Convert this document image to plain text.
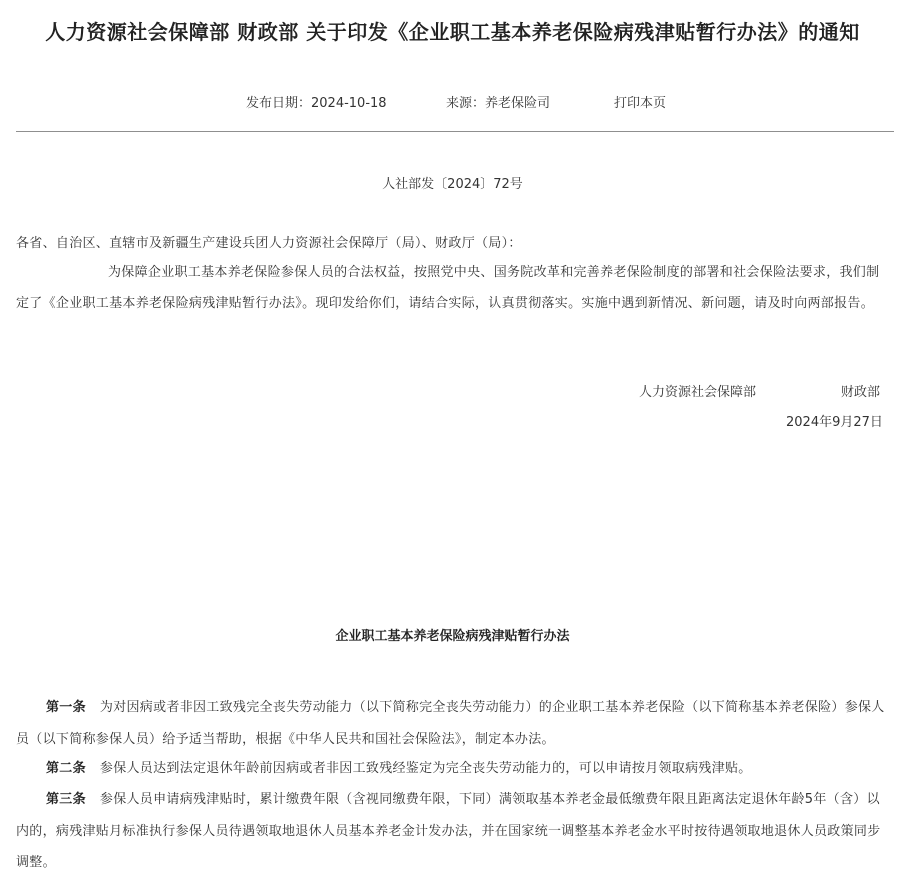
人力资源社会保障部 财政部 关于印发《企业职工基本养老保险病残津贴暂行办法》的通知
发布日期：2024-10-18	来源：养老保险司	打印本页
人社部发〔2024〕72号
各省、自治区、直辖市及新疆生产建设兵团人力资源社会保障厅（局）、财政厅（局）：
为保障企业职工基本养老保险参保人员的合法权益，按照党中央、国务院改革和完善养老保险制度的部署和社会保险法要求，我们制定了《企业职工基本养老保险病残津贴暂行办法》。现印发给你们，请结合实际，认真贯彻落实。实施中遇到新情况、新问题，请及时向两部报告。
人力资源社会保障部	财政部
2024年9月27日
企业职工基本养老保险病残津贴暂行办法
第一条 为对因病或者非因工致残完全丧失劳动能力（以下简称完全丧失劳动能力）的企业职工基本养老保险（以下简称基本养老保险）参保人员（以下简称参保人员）给予适当帮助，根据《中华人民共和国社会保险法》，制定本办法。
第二条 参保人员达到法定退休年龄前因病或者非因工致残经鉴定为完全丧失劳动能力的，可以申请按月领取病残津贴。
第三条 参保人员申请病残津贴时，累计缴费年限（含视同缴费年限，下同）满领取基本养老金最低缴费年限且距离法定退休年龄5年（含）以内的，病残津贴月标准执行参保人员待遇领取地退休人员基本养老金计发办法，并在国家统一调整基本养老金水平时按待遇领取地退休人员政策同步调整。
